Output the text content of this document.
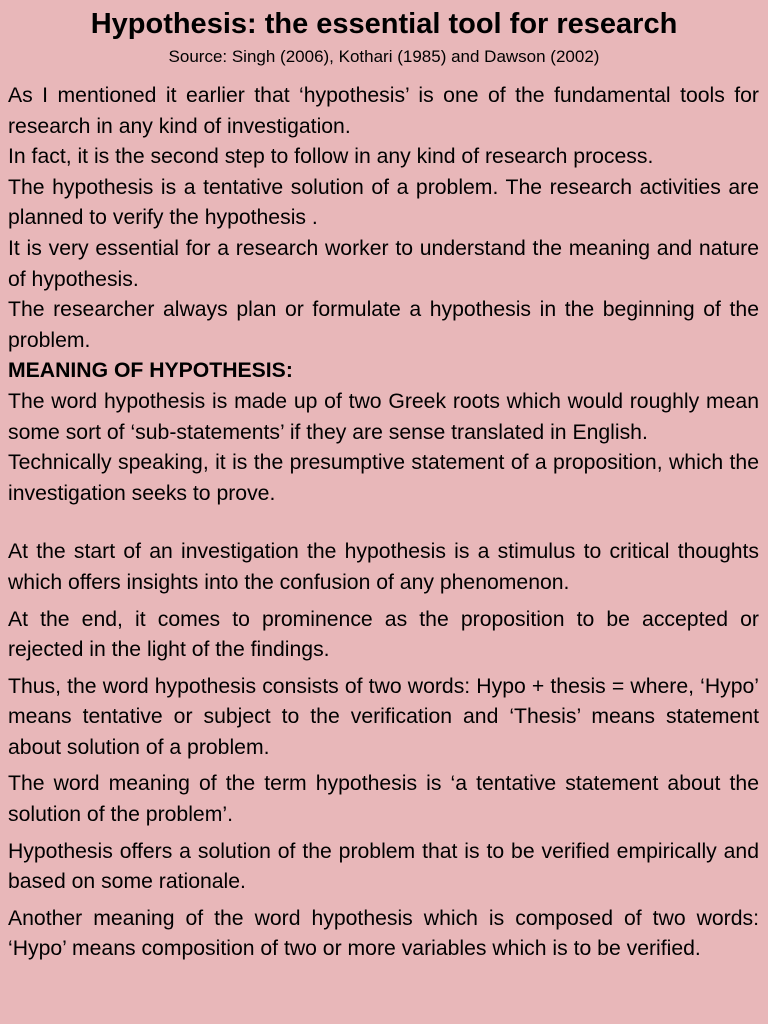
Hypothesis: the essential tool for research
Source: Singh (2006), Kothari (1985) and Dawson (2002)

As I mentioned it earlier that ‘hypothesis’ is one of the fundamental tools for research in any kind of investigation.

In fact, it is the second step to follow in any kind of research process.

The hypothesis is a tentative solution of a problem. The research activities are planned to verify the hypothesis .

It is very essential for a research worker to understand the meaning and nature of hypothesis.

The researcher always plan or formulate a hypothesis in the beginning of the problem.

MEANING OF HYPOTHESIS:

The word hypothesis is made up of two Greek roots which would roughly mean some sort of ‘sub-statements’ if they are sense translated in English.

Technically speaking, it is the presumptive statement of a proposition, which the investigation seeks to prove.

At the start of an investigation the hypothesis is a stimulus to critical thoughts which offers insights into the confusion of any phenomenon.

At the end, it comes to prominence as the proposition to be accepted or rejected in the light of the findings.

Thus, the word hypothesis consists of two words: Hypo + thesis = where, ‘Hypo’ means tentative or subject to the verification and ‘Thesis’ means statement about solution of a problem.

The word meaning of the term hypothesis is ‘a tentative statement about the solution of the problem’.

Hypothesis offers a solution of the problem that is to be verified empirically and based on some rationale.

Another meaning of the word hypothesis which is composed of two words: ‘Hypo’ means composition of two or more variables which is to be verified.
